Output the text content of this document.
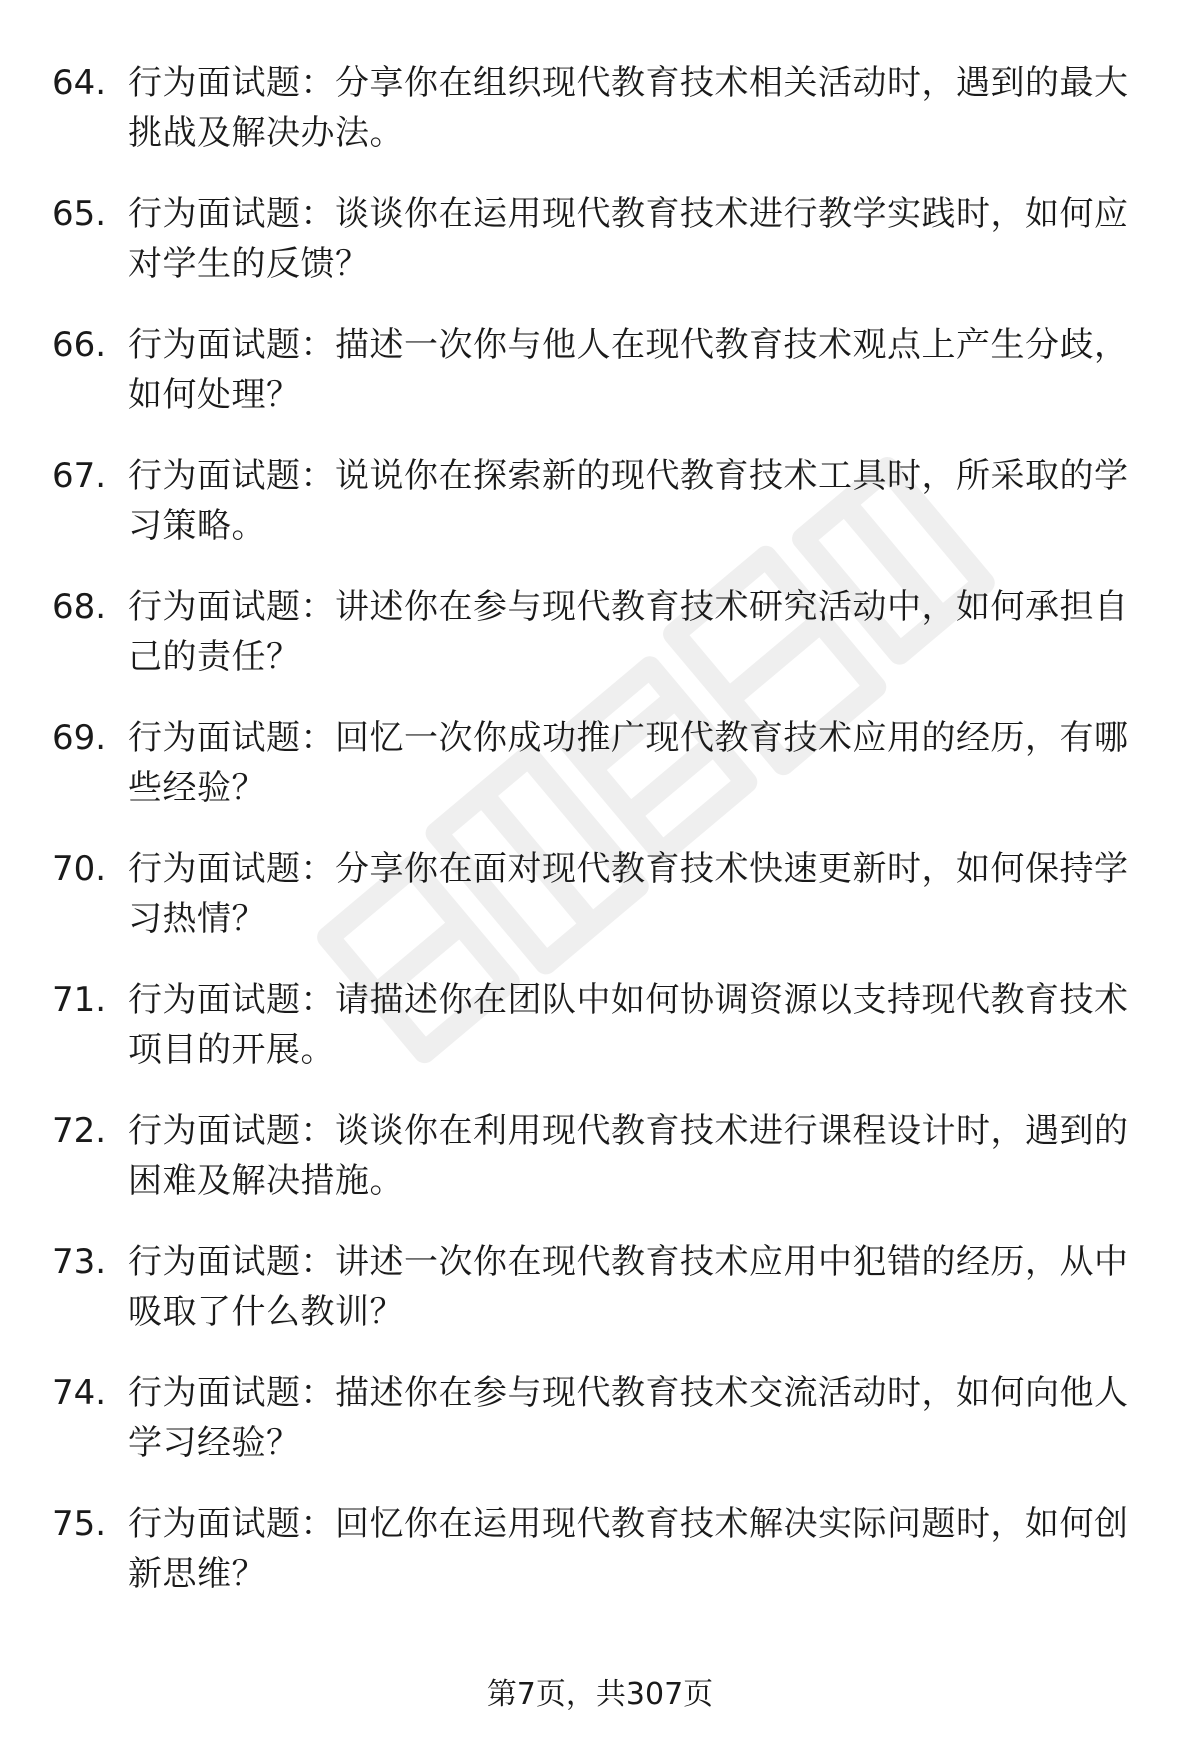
64. 行为面试题：分享你在组织现代教育技术相关活动时，遇到的最大挑战及解决办法。
65. 行为面试题：谈谈你在运用现代教育技术进行教学实践时，如何应对学生的反馈？
66. 行为面试题：描述一次你与他人在现代教育技术观点上产生分歧，如何处理？
67. 行为面试题：说说你在探索新的现代教育技术工具时，所采取的学习策略。
68. 行为面试题：讲述你在参与现代教育技术研究活动中，如何承担自己的责任？
69. 行为面试题：回忆一次你成功推广现代教育技术应用的经历，有哪些经验？
70. 行为面试题：分享你在面对现代教育技术快速更新时，如何保持学习热情？
71. 行为面试题：请描述你在团队中如何协调资源以支持现代教育技术项目的开展。
72. 行为面试题：谈谈你在利用现代教育技术进行课程设计时，遇到的困难及解决措施。
73. 行为面试题：讲述一次你在现代教育技术应用中犯错的经历，从中吸取了什么教训？
74. 行为面试题：描述你在参与现代教育技术交流活动时，如何向他人学习经验？
75. 行为面试题：回忆你在运用现代教育技术解决实际问题时，如何创新思维？
第7页，共307页
